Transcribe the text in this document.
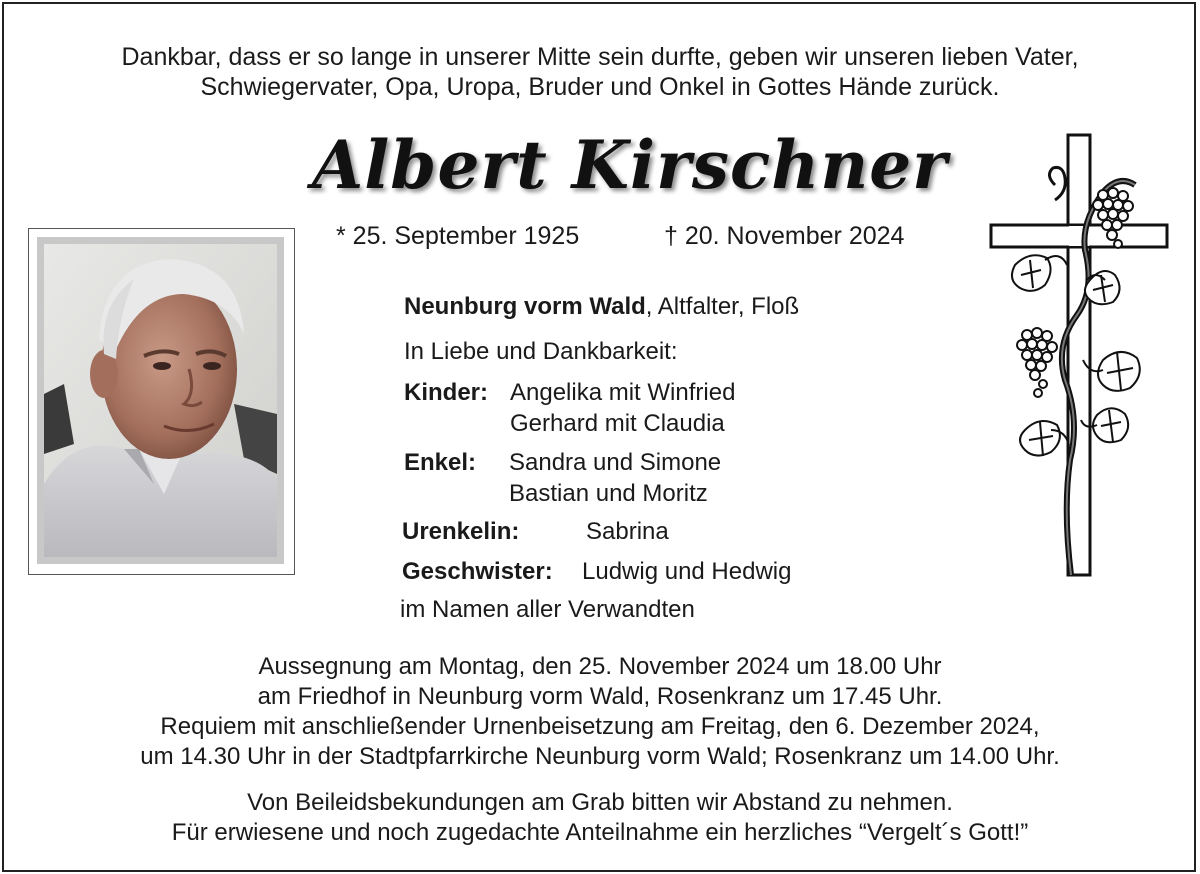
Dankbar, dass er so lange in unserer Mitte sein durfte, geben wir unseren lieben Vater,
Schwiegervater, Opa, Uropa, Bruder und Onkel in Gottes Hände zurück.
Albert Kirschner
* 25. September 1925	† 20. November 2024
Neunburg vorm Wald, Altfalter, Floß
In Liebe und Dankbarkeit:
Kinder: Angelika mit Winfried
Gerhard mit Claudia
Enkel: Sandra und Simone
Bastian und Moritz
Urenkelin:	Sabrina
Geschwister: Ludwig und Hedwig
im Namen aller Verwandten
Aussegnung am Montag, den 25. November 2024 um 18.00 Uhr
am Friedhof in Neunburg vorm Wald, Rosenkranz um 17.45 Uhr.
Requiem mit anschließender Urnenbeisetzung am Freitag, den 6. Dezember 2024,
um 14.30 Uhr in der Stadtpfarrkirche Neunburg vorm Wald; Rosenkranz um 14.00 Uhr.
Von Beileidsbekundungen am Grab bitten wir Abstand zu nehmen.
Für erwiesene und noch zugedachte Anteilnahme ein herzliches “Vergelt´s Gott!”
